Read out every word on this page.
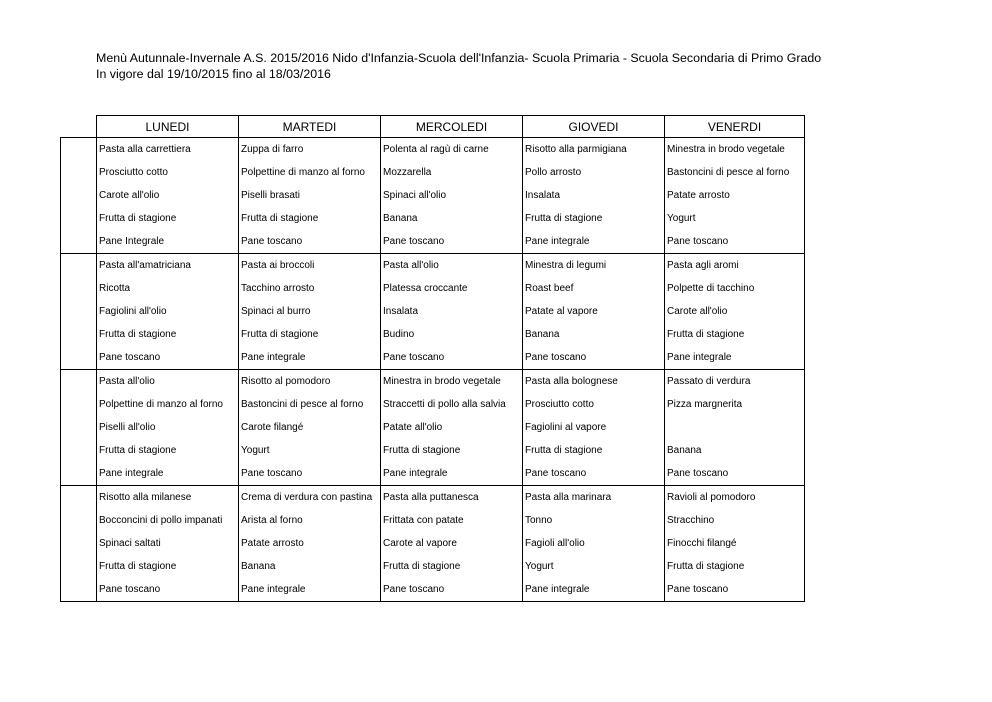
Menù Autunnale-Invernale A.S. 2015/2016 Nido d'Infanzia-Scuola dell'Infanzia- Scuola Primaria - Scuola Secondaria di Primo Grado
In vigore dal 19/10/2015 fino al 18/03/2016
	LUNEDI	MARTEDI	MERCOLEDI	GIOVEDI	VENERDI
	Pasta alla carrettiera	Zuppa di farro	Polenta al ragù di carne	Risotto alla parmigiana	Minestra in brodo vegetale
	Prosciutto cotto	Polpettine di manzo al forno	Mozzarella	Pollo arrosto	Bastoncini di pesce al forno
	Carote all'olio	Piselli brasati	Spinaci all'olio	Insalata	Patate arrosto
	Frutta di stagione	Frutta di stagione	Banana	Frutta di stagione	Yogurt
	Pane Integrale	Pane toscano	Pane toscano	Pane integrale	Pane toscano
	Pasta all'amatriciana	Pasta ai broccoli	Pasta all'olio	Minestra di legumi	Pasta agli aromi
	Ricotta	Tacchino arrosto	Platessa croccante	Roast beef	Polpette di tacchino
	Fagiolini all'olio	Spinaci al burro	Insalata	Patate al vapore	Carote all'olio
	Frutta di stagione	Frutta di stagione	Budino	Banana	Frutta di stagione
	Pane toscano	Pane integrale	Pane toscano	Pane toscano	Pane integrale
	Pasta all'olio	Risotto al pomodoro	Minestra in brodo vegetale	Pasta alla bolognese	Passato di verdura
	Polpettine di manzo al forno	Bastoncini di pesce al forno	Straccetti di pollo alla salvia	Prosciutto cotto	Pizza margnerita
	Piselli all'olio	Carote filangé	Patate all'olio	Fagiolini al vapore	
	Frutta di stagione	Yogurt	Frutta di stagione	Frutta di stagione	Banana
	Pane integrale	Pane toscano	Pane integrale	Pane toscano	Pane toscano
	Risotto alla milanese	Crema di verdura con pastina	Pasta alla puttanesca	Pasta alla marinara	Ravioli al pomodoro
	Bocconcini di pollo impanati	Arista al forno	Frittata con patate	Tonno	Stracchino
	Spinaci saltati	Patate arrosto	Carote al vapore	Fagioli all'olio	Finocchi filangé
	Frutta di stagione	Banana	Frutta di stagione	Yogurt	Frutta di stagione
	Pane toscano	Pane integrale	Pane toscano	Pane integrale	Pane toscano
